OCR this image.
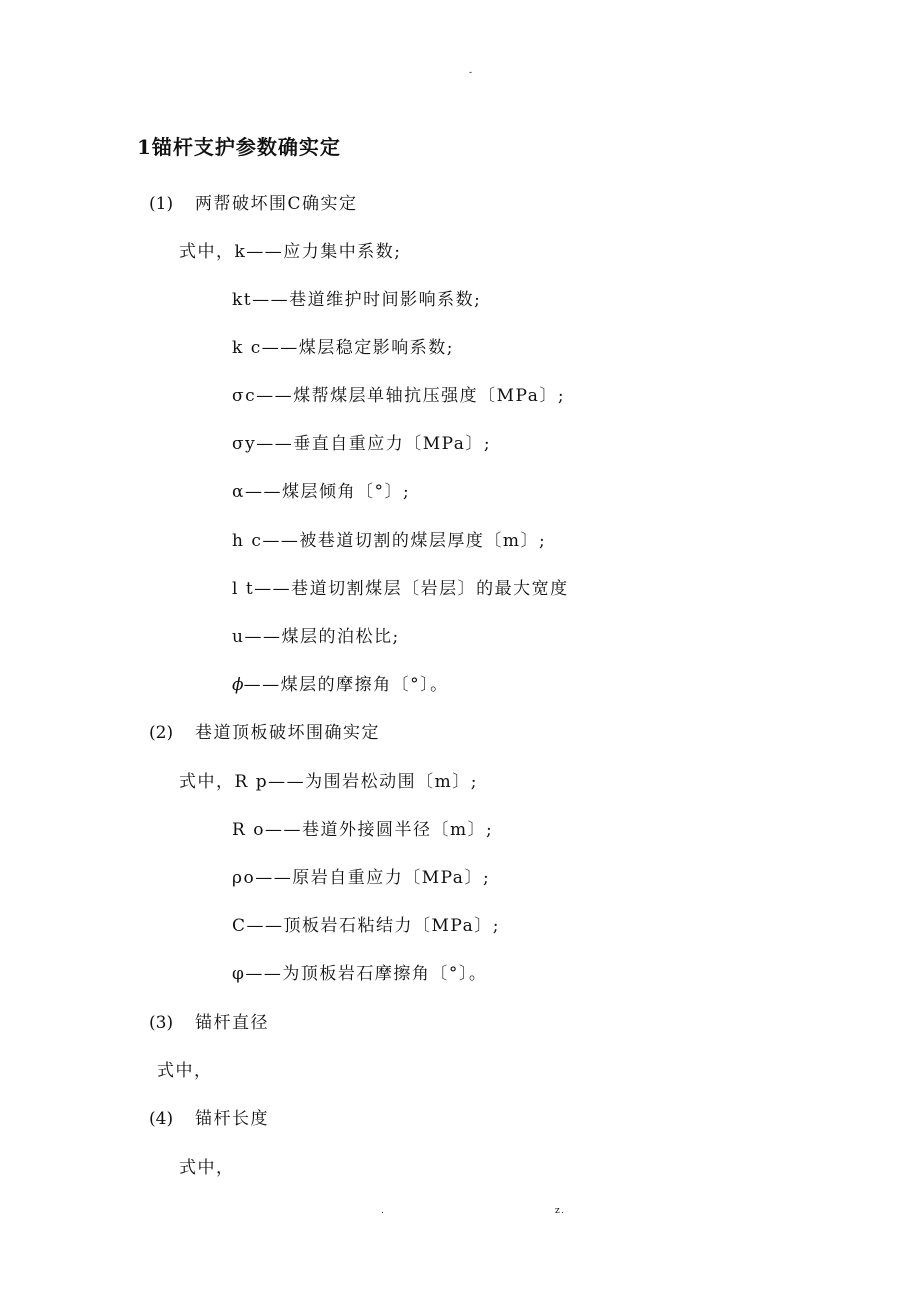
-
1锚杆支护参数确实定
(1) 两帮破坏围C确实定
式中，k——应力集中系数;
kt——巷道维护时间影响系数;
k c——煤层稳定影响系数;
σc——煤帮煤层单轴抗压强度〔MPa〕;
σy——垂直自重应力〔MPa〕;
α——煤层倾角〔°〕;
h c——被巷道切割的煤层厚度〔m〕;
l t——巷道切割煤层〔岩层〕的最大宽度
u——煤层的泊松比;
ϕ——煤层的摩擦角〔°〕。
(2) 巷道顶板破坏围确实定
式中，R p——为围岩松动围〔m〕;
R o——巷道外接圆半径〔m〕;
ρo——原岩自重应力〔MPa〕;
C——顶板岩石粘结力〔MPa〕;
φ——为顶板岩石摩擦角〔°〕。
(3) 锚杆直径
式中，
(4) 锚杆长度
式中，
.	z.
